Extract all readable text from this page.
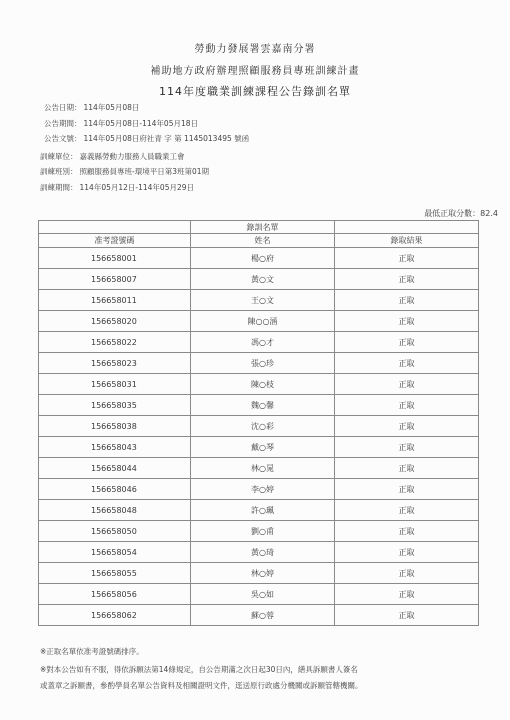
勞動力發展署雲嘉南分署
補助地方政府辦理照顧服務員專班訓練計畫
114年度職業訓練課程公告錄訓名單
公告日期： 114年05月08日
公告期間： 114年05月08日-114年05月18日
公告文號： 114年05月08日府社青 字 第 1145013495 號函
訓練單位： 嘉義縣勞動力服務人員職業工會
訓練班別： 照顧服務員專班-環境平日第3班第01期
訓練期間： 114年05月12日-114年05月29日
最低正取分數：82.4
	錄訓名單	
准考證號碼	姓名	錄取結果
156658001	楊○府	正取
156658007	黃○文	正取
156658011	王○文	正取
156658020	陳○○涵	正取
156658022	馮○才	正取
156658023	張○珍	正取
156658031	陳○枝	正取
156658035	魏○馨	正取
156658038	沈○彩	正取
156658043	戴○琴	正取
156658044	林○晁	正取
156658046	李○婷	正取
156658048	許○珮	正取
156658050	劉○甫	正取
156658054	黃○琦	正取
156658055	林○婷	正取
156658056	吳○如	正取
156658062	蘇○蓉	正取
※正取名單依准考證號碼排序。
※對本公告如有不服，得依訴願法第14條規定，自公告期滿之次日起30日內，繕具訴願書人簽名
或蓋章之訴願書，參酌學員名單公告資料及相關證明文件，逕送原行政處分機關或訴願管轄機關。
